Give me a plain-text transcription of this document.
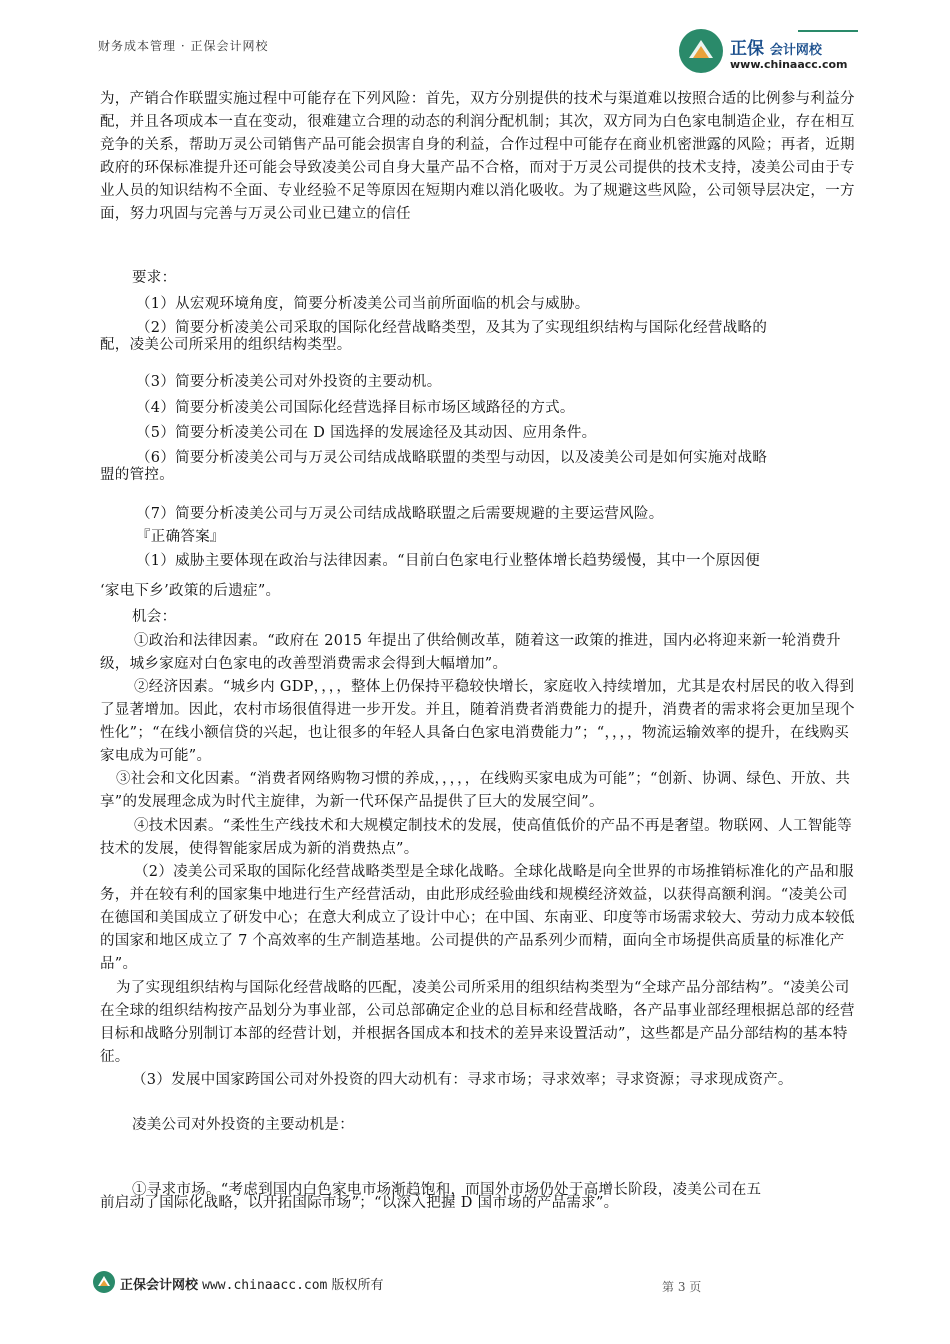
财务成本管理 · 正保会计网校	正保 会计网校
www.chinaacc.com

为，产销合作联盟实施过程中可能存在下列风险：首先，双方分别提供的技术与渠道难以按照合适的比例参与利益分配，并且各项成本一直在变动，很难建立合理的动态的利润分配机制；其次，双方同为白色家电制造企业，存在相互竞争的关系，帮助万灵公司销售产品可能会损害自身的利益，合作过程中可能存在商业机密泄露的风险；再者，近期政府的环保标准提升还可能会导致凌美公司自身大量产品不合格，而对于万灵公司提供的技术支持，凌美公司由于专业人员的知识结构不全面、专业经验不足等原因在短期内难以消化吸收。为了规避这些风险，公司领导层决定，一方面，努力巩固与完善与万灵公司业已建立的信任

要求：
（1）从宏观环境角度，简要分析凌美公司当前所面临的机会与威胁。
（2）简要分析凌美公司采取的国际化经营战略类型，及其为了实现组织结构与国际化经营战略的
配，凌美公司所采用的组织结构类型。
（3）简要分析凌美公司对外投资的主要动机。
（4）简要分析凌美公司国际化经营选择目标市场区域路径的方式。
（5）简要分析凌美公司在 D 国选择的发展途径及其动因、应用条件。
（6）简要分析凌美公司与万灵公司结成战略联盟的类型与动因，以及凌美公司是如何实施对战略
盟的管控。
（7）简要分析凌美公司与万灵公司结成战略联盟之后需要规避的主要运营风险。
『正确答案』
（1）威胁主要体现在政治与法律因素。“目前白色家电行业整体增长趋势缓慢，其中一个原因便
‘家电下乡’政策的后遗症”。
机会：

①政治和法律因素。“政府在 2015 年提出了供给侧改革，随着这一政策的推进，国内必将迎来新一轮消费升级，城乡家庭对白色家电的改善型消费需求会得到大幅增加”。

②经济因素。“城乡内 GDP，，，，整体上仍保持平稳较快增长，家庭收入持续增加，尤其是农村居民的收入得到了显著增加。因此，农村市场很值得进一步开发。并且，随着消费者消费能力的提升，消费者的需求将会更加呈现个性化”；“在线小额信贷的兴起，也让很多的年轻人具备白色家电消费能力”；“，，，，物流运输效率的提升，在线购买家电成为可能”。

③社会和文化因素。“消费者网络购物习惯的养成，，，，，在线购买家电成为可能”；“创新、协调、绿色、开放、共享”的发展理念成为时代主旋律，为新一代环保产品提供了巨大的发展空间”。

④技术因素。“柔性生产线技术和大规模定制技术的发展，使高值低价的产品不再是奢望。物联网、人工智能等技术的发展，使得智能家居成为新的消费热点”。

（2）凌美公司采取的国际化经营战略类型是全球化战略。全球化战略是向全世界的市场推销标准化的产品和服务，并在较有利的国家集中地进行生产经营活动，由此形成经验曲线和规模经济效益，以获得高额利润。“凌美公司在德国和美国成立了研发中心；在意大利成立了设计中心；在中国、东南亚、印度等市场需求较大、劳动力成本较低的国家和地区成立了 7 个高效率的生产制造基地。公司提供的产品系列少而精，面向全市场提供高质量的标准化产品”。

为了实现组织结构与国际化经营战略的匹配，凌美公司所采用的组织结构类型为“全球产品分部结构”。“凌美公司在全球的组织结构按产品划分为事业部，公司总部确定企业的总目标和经营战略，各产品事业部经理根据总部的经营目标和战略分别制订本部的经营计划，并根据各国成本和技术的差异来设置活动”，这些都是产品分部结构的基本特征。

（3）发展中国家跨国公司对外投资的四大动机有：寻求市场；寻求效率；寻求资源；寻求现成资产。
凌美公司对外投资的主要动机是：
①寻求市场。“考虑到国内白色家电市场渐趋饱和，而国外市场仍处于高增长阶段，凌美公司在五
前启动了国际化战略，以开拓国际市场”；“以深入把握 D 国市场的产品需求”。
正保会计网校 www.chinaacc.com 版权所有	第 3 页
